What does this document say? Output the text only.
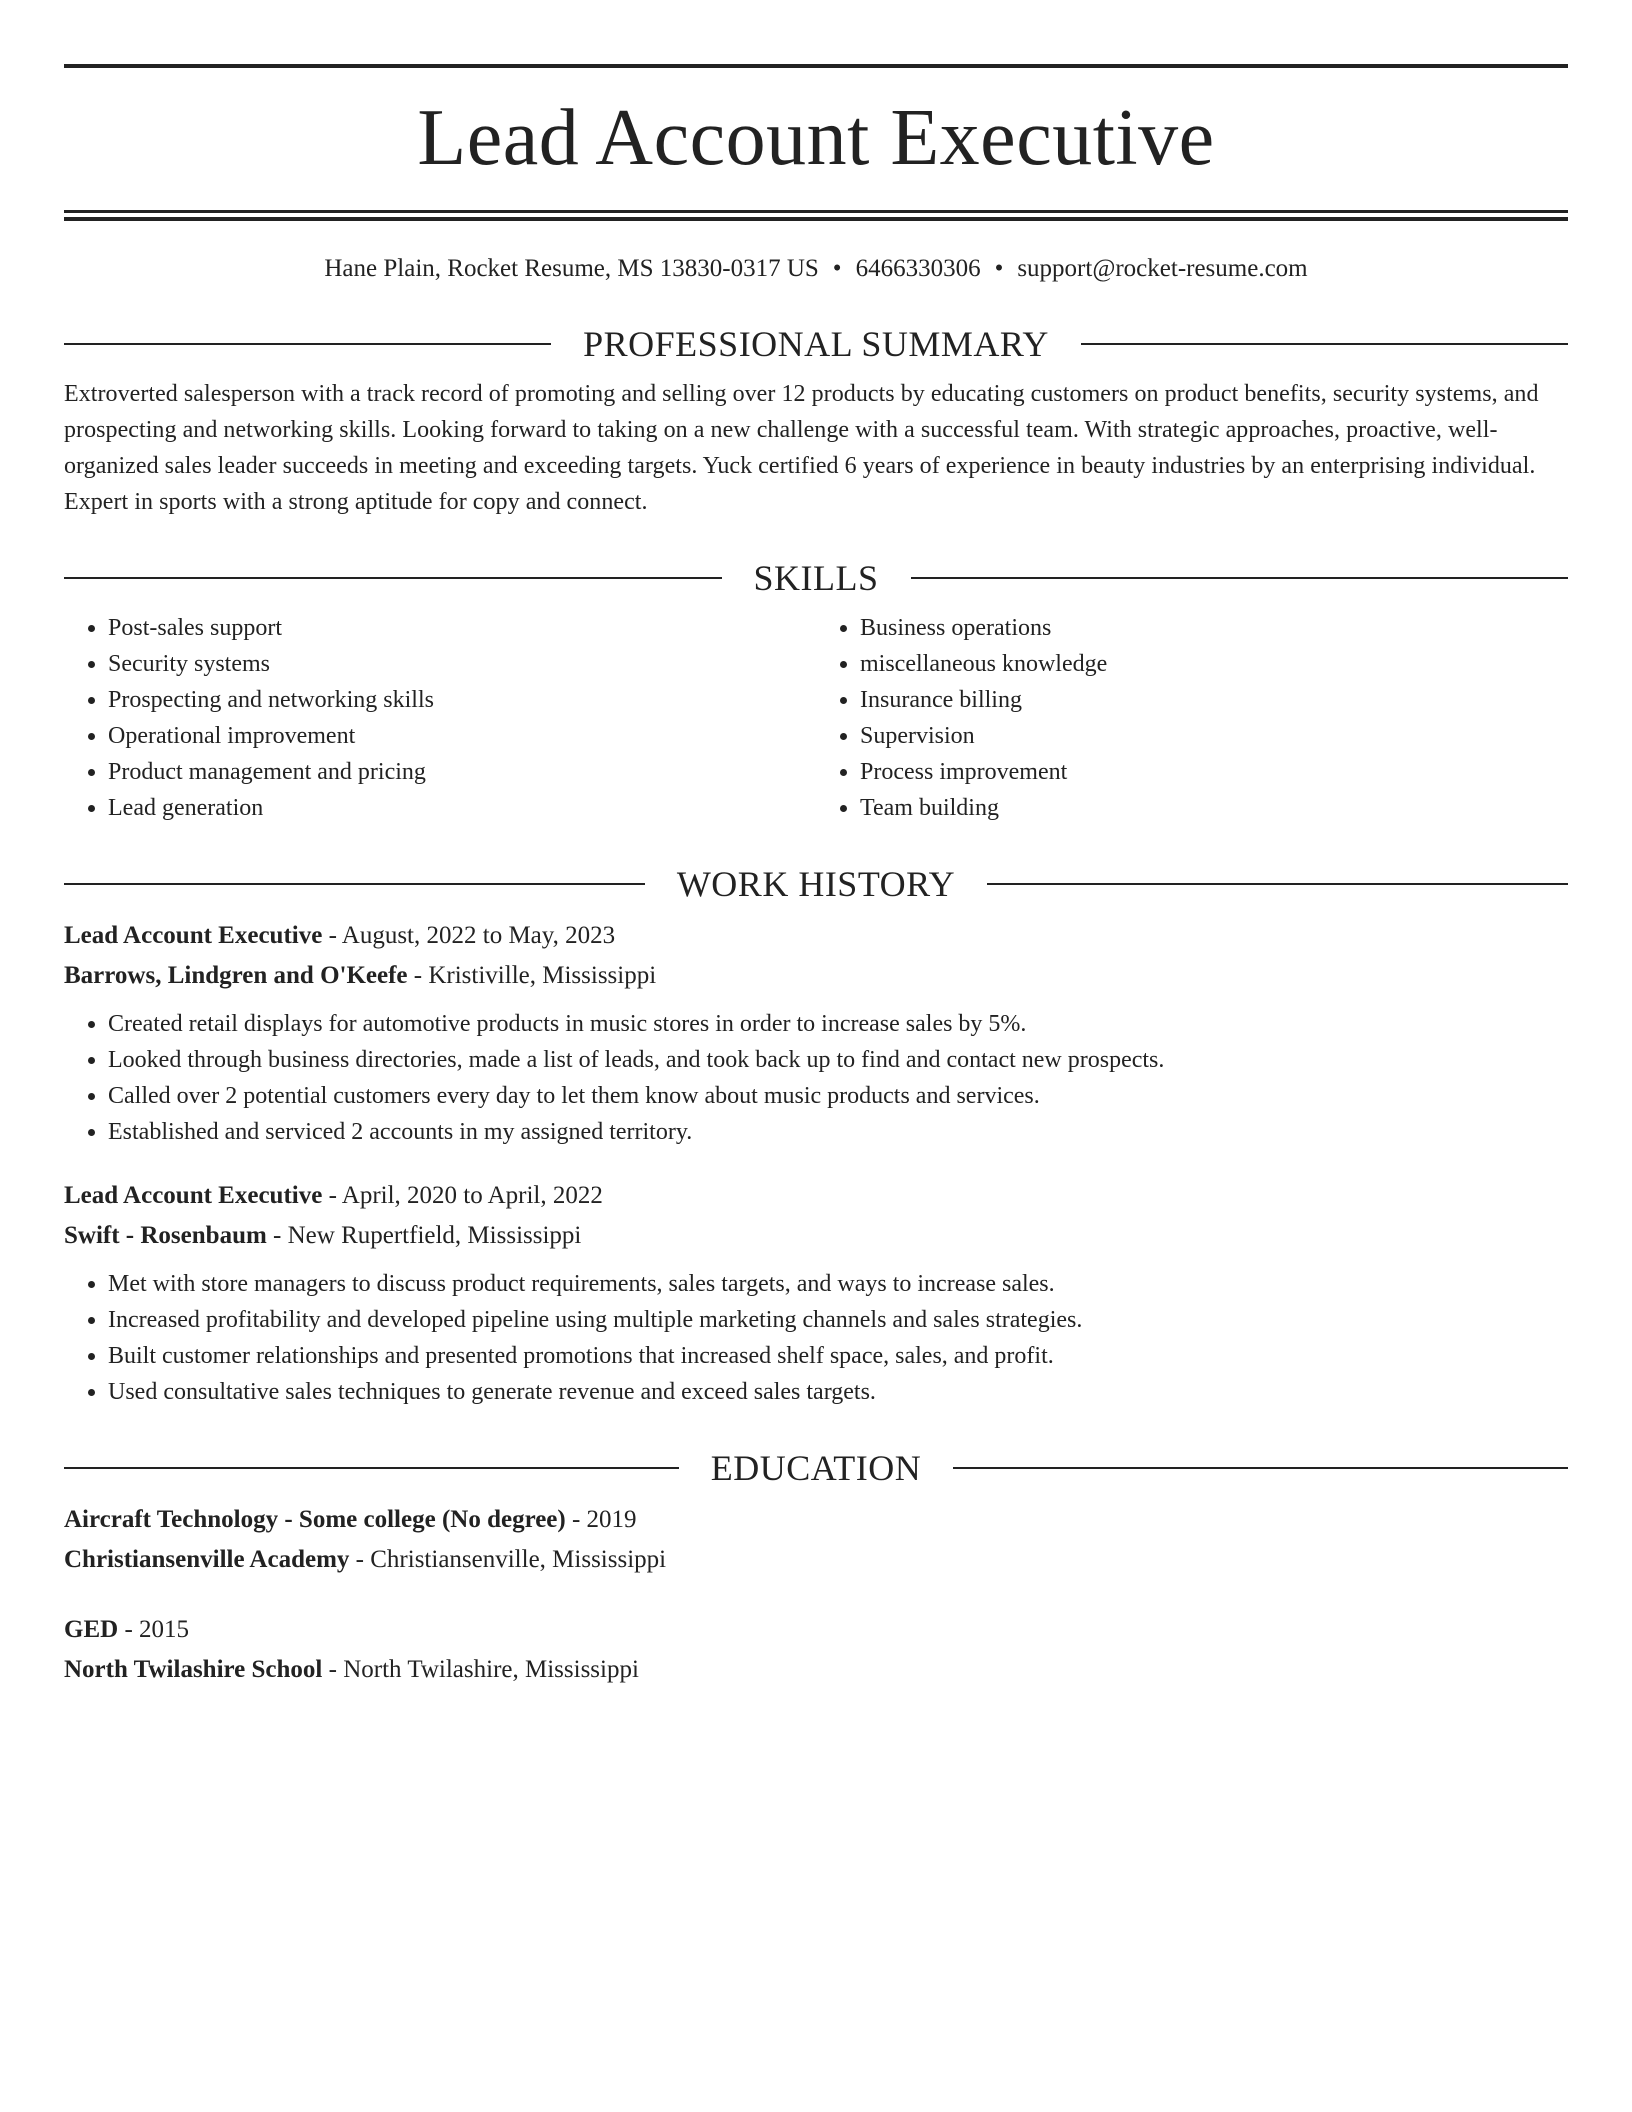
Lead Account Executive
Hane Plain, Rocket Resume, MS 13830-0317 US • 6466330306 • support@rocket-resume.com
PROFESSIONAL SUMMARY

Extroverted salesperson with a track record of promoting and selling over 12 products by educating customers on product benefits, security systems, and prospecting and networking skills. Looking forward to taking on a new challenge with a successful team. With strategic approaches, proactive, well-organized sales leader succeeds in meeting and exceeding targets. Yuck certified 6 years of experience in beauty industries by an enterprising individual. Expert in sports with a strong aptitude for copy and connect.

SKILLS
• Post-sales support
• Security systems
• Prospecting and networking skills
• Operational improvement
• Product management and pricing
• Lead generation
• Business operations
• miscellaneous knowledge
• Insurance billing
• Supervision
• Process improvement
• Team building
WORK HISTORY
Lead Account Executive - August, 2022 to May, 2023
Barrows, Lindgren and O'Keefe - Kristiville, Mississippi
• Created retail displays for automotive products in music stores in order to increase sales by 5%.
• Looked through business directories, made a list of leads, and took back up to find and contact new prospects.
• Called over 2 potential customers every day to let them know about music products and services.
• Established and serviced 2 accounts in my assigned territory.
Lead Account Executive - April, 2020 to April, 2022
Swift - Rosenbaum - New Rupertfield, Mississippi
• Met with store managers to discuss product requirements, sales targets, and ways to increase sales.
• Increased profitability and developed pipeline using multiple marketing channels and sales strategies.
• Built customer relationships and presented promotions that increased shelf space, sales, and profit.
• Used consultative sales techniques to generate revenue and exceed sales targets.
EDUCATION
Aircraft Technology - Some college (No degree) - 2019
Christiansenville Academy - Christiansenville, Mississippi
GED - 2015
North Twilashire School - North Twilashire, Mississippi
